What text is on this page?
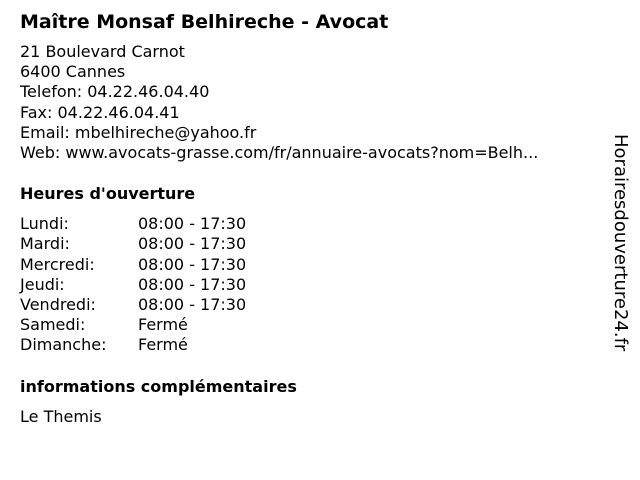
Maître Monsaf Belhireche - Avocat
21 Boulevard Carnot
6400 Cannes
Telefon: 04.22.46.04.40
Fax: 04.22.46.04.41
Email: mbelhireche@yahoo.fr
Web: www.avocats-grasse.com/fr/annuaire-avocats?nom=Belh...
Heures d'ouverture
Lundi:	08:00 - 17:30
Mardi:	08:00 - 17:30
Mercredi:	08:00 - 17:30
Jeudi:	08:00 - 17:30
Vendredi:	08:00 - 17:30
Samedi:	Fermé
Dimanche:	Fermé
informations complémentaires
Le Themis
Horairesdouverture24.fr
